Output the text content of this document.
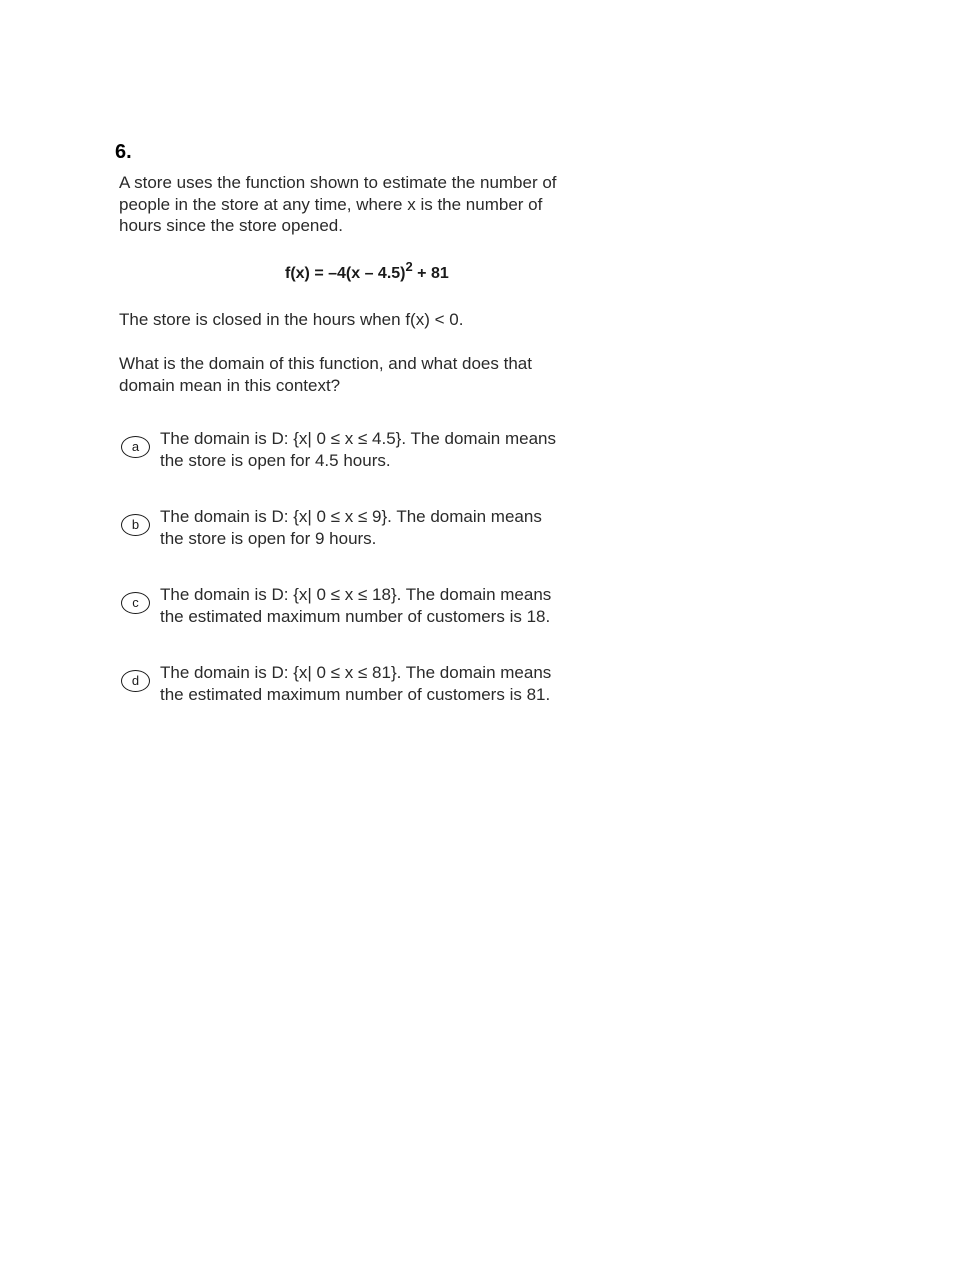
6.
A store uses the function shown to estimate the number of
people in the store at any time, where x is the number of
hours since the store opened.
f(x) = –4(x – 4.5)$^2$ + 81
The store is closed in the hours when f(x) < 0.
What is the domain of this function, and what does that
domain mean in this context?
a	The domain is D: {x| 0 ≤ x ≤ 4.5}. The domain means
the store is open for 4.5 hours.
b	The domain is D: {x| 0 ≤ x ≤ 9}. The domain means
the store is open for 9 hours.
c	The domain is D: {x| 0 ≤ x ≤ 18}. The domain means
the estimated maximum number of customers is 18.
d	The domain is D: {x| 0 ≤ x ≤ 81}. The domain means
the estimated maximum number of customers is 81.
